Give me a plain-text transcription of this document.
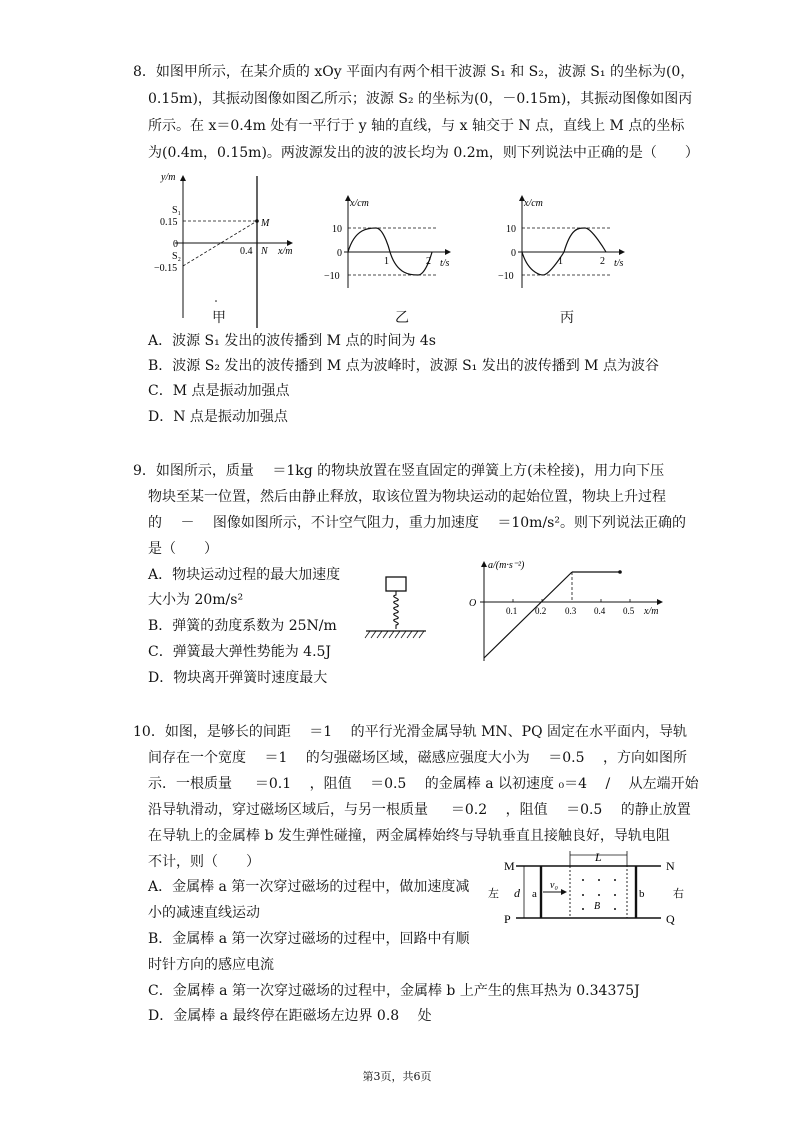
8．如图甲所示，在某介质的 xOy 平面内有两个相干波源 S₁ 和 S₂，波源 S₁ 的坐标为(0，
0.15m)，其振动图像如图乙所示；波源 S₂ 的坐标为(0，－0.15m)，其振动图像如图丙
所示。在 x＝0.4m 处有一平行于 y 轴的直线，与 x 轴交于 N 点，直线上 M 点的坐标
为(0.4m，0.15m)。两波源发出的波的波长均为 0.2m，则下列说法中正确的是（　　）
y/m
S₁
0.15
0
S₂
−0.15
0.4 N
M
x/m
甲
x/cm
10
0
−10
1	2 t/s
乙
x/cm
10
0
−10
1	2 t/s
丙
A．波源 S₁ 发出的波传播到 M 点的时间为 4s
B．波源 S₂ 发出的波传播到 M 点为波峰时，波源 S₁ 发出的波传播到 M 点为波谷
C．M 点是振动加强点
D．N 点是振动加强点
9．如图所示，质量 　＝1kg 的物块放置在竖直固定的弹簧上方(未栓接)，用力向下压
物块至某一位置，然后由静止释放，取该位置为物块运动的起始位置，物块上升过程
的 　－ 　图像如图所示，不计空气阻力，重力加速度 　＝10m/s²。则下列说法正确的
是（　　）
A．物块运动过程的最大加速度
大小为 20m/s²
B．弹簧的劲度系数为 25N/m
C．弹簧最大弹性势能为 4.5J
D．物块离开弹簧时速度最大
a/(m·s⁻²)
O
0.1 0.2 0.3 0.4 0.5 x/m
10．如图，是够长的间距 　＝1 　的平行光滑金属导轨 MN、PQ 固定在水平面内，导轨
间存在一个宽度 　＝1 　的匀强磁场区域，磁感应强度大小为 　＝0.5 　，方向如图所
示．一根质量 　 ＝0.1 　，阻值 　＝0.5 　的金属棒 a 以初速度 ₀＝4 　/ 　从左端开始
沿导轨滑动，穿过磁场区域后，与另一根质量 　 ＝0.2 　，阻值 　＝0.5 　的静止放置
在导轨上的金属棒 b 发生弹性碰撞，两金属棒始终与导轨垂直且接触良好，导轨电阻
不计，则（　　）
A．金属棒 a 第一次穿过磁场的过程中，做加速度减
小的减速直线运动
B．金属棒 a 第一次穿过磁场的过程中，回路中有顺
时针方向的感应电流
C．金属棒 a 第一次穿过磁场的过程中，金属棒 b 上产生的焦耳热为 0.34375J
D．金属棒 a 最终停在距磁场左边界 0.8 　处
M	N
P	Q
L
d a	b
v₀
B
左	右
第3页，共6页
